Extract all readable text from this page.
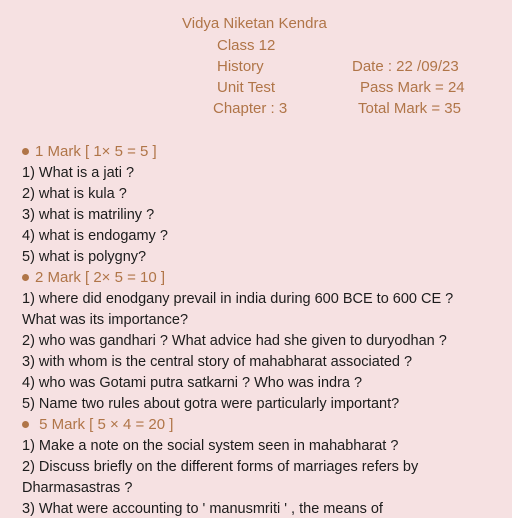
Vidya Niketan Kendra
Class 12
History	Date : 22 /09/23
Unit Test	Pass Mark = 24
Chapter : 3	Total Mark = 35
1 Mark [ 1× 5 = 5 ]
1) What is a jati ?
2) what is kula ?
3) what is matriliny ?
4) what is endogamy ?
5) what is polygny?
2 Mark [ 2× 5 = 10 ]
1) where did enodgany prevail in india during 600 BCE to 600 CE ?
What was its importance?
2) who was gandhari ? What advice had she given to duryodhan ?
3) with whom is the central story of mahabharat associated ?
4) who was Gotami putra satkarni ? Who was indra ?
5) Name two rules about gotra were particularly important?
5 Mark [ 5 × 4 = 20 ]
1) Make a note on the social system seen in mahabharat ?
2) Discuss briefly on the different forms of marriages refers by
Dharmasastras ?
3) What were accounting to ' manusmriti ' , the means of
